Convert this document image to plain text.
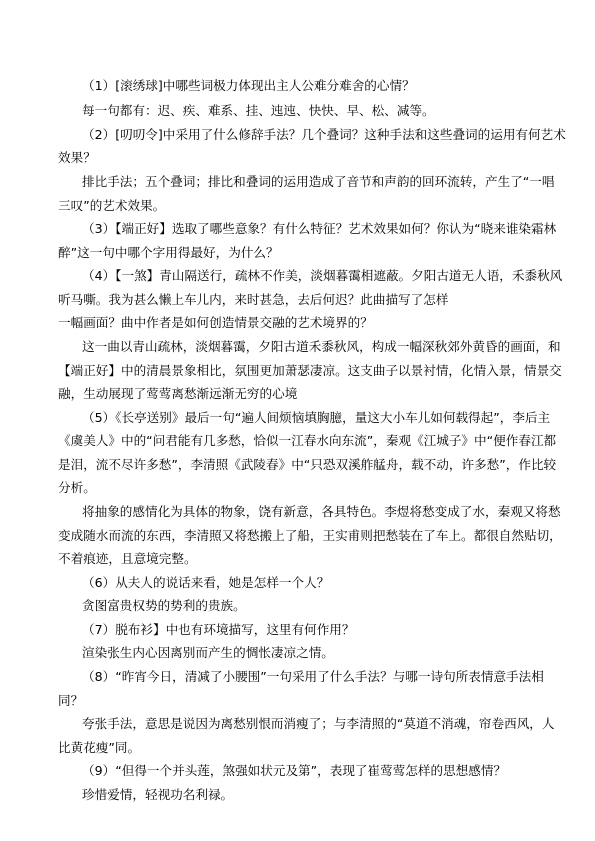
（1）[滚绣球]中哪些词极力体现出主人公难分难舍的心情？

每一句都有：迟、疾、难系、挂、迍迍、快快、早、松、减等。

（2）[叨叨令]中采用了什么修辞手法？几个叠词？这种手法和这些叠词的运用有何艺术

效果？

排比手法；五个叠词；排比和叠词的运用造成了音节和声韵的回环流转，产生了“一唱

三叹”的艺术效果。

（3）【端正好】选取了哪些意象？有什么特征？艺术效果如何？你认为“晓来谁染霜林

醉”这一句中哪个字用得最好，为什么？

（4）【一煞】青山隔送行，疏林不作美，淡烟暮霭相遮蔽。夕阳古道无人语，禾黍秋风

听马嘶。我为甚么懒上车儿内，来时甚急，去后何迟？此曲描写了怎样

一幅画面？曲中作者是如何创造情景交融的艺术境界的？

这一曲以青山疏林，淡烟暮霭，夕阳古道禾黍秋风，构成一幅深秋郊外黄昏的画面，和

【端正好】中的清晨景象相比，氛围更加萧瑟凄凉。这支曲子以景衬情，化情入景，情景交

融，生动展现了莺莺离愁渐远渐无穷的心境

（5）《长亭送别》最后一句“遍人间烦恼填胸臆，量这大小车儿如何载得起”，李后主

《虞美人》中的“问君能有几多愁，恰似一江春水向东流”，秦观《江城子》中“便作春江都

是泪，流不尽许多愁”，李清照《武陵春》中“只恐双溪舴艋舟，载不动，许多愁”，作比较

分析。

将抽象的感情化为具体的物象，饶有新意，各具特色。李煜将愁变成了水，秦观又将愁

变成随水而流的东西，李清照又将愁搬上了船，王实甫则把愁装在了车上。都很自然贴切，

不着痕迹，且意境完整。

（6）从夫人的说话来看，她是怎样一个人？

贪图富贵权势的势利的贵族。

（7）脱布衫】中也有环境描写，这里有何作用？

渲染张生内心因离别而产生的惆怅凄凉之情。

（8）“昨宵今日，清减了小腰围”一句采用了什么手法？与哪一诗句所表情意手法相

同？

夸张手法，意思是说因为离愁别恨而消瘦了；与李清照的“莫道不消魂，帘卷西风，人

比黄花瘦”同。

（9）“但得一个并头莲，煞强如状元及第”，表现了崔莺莺怎样的思想感情？

珍惜爱情，轻视功名利禄。
